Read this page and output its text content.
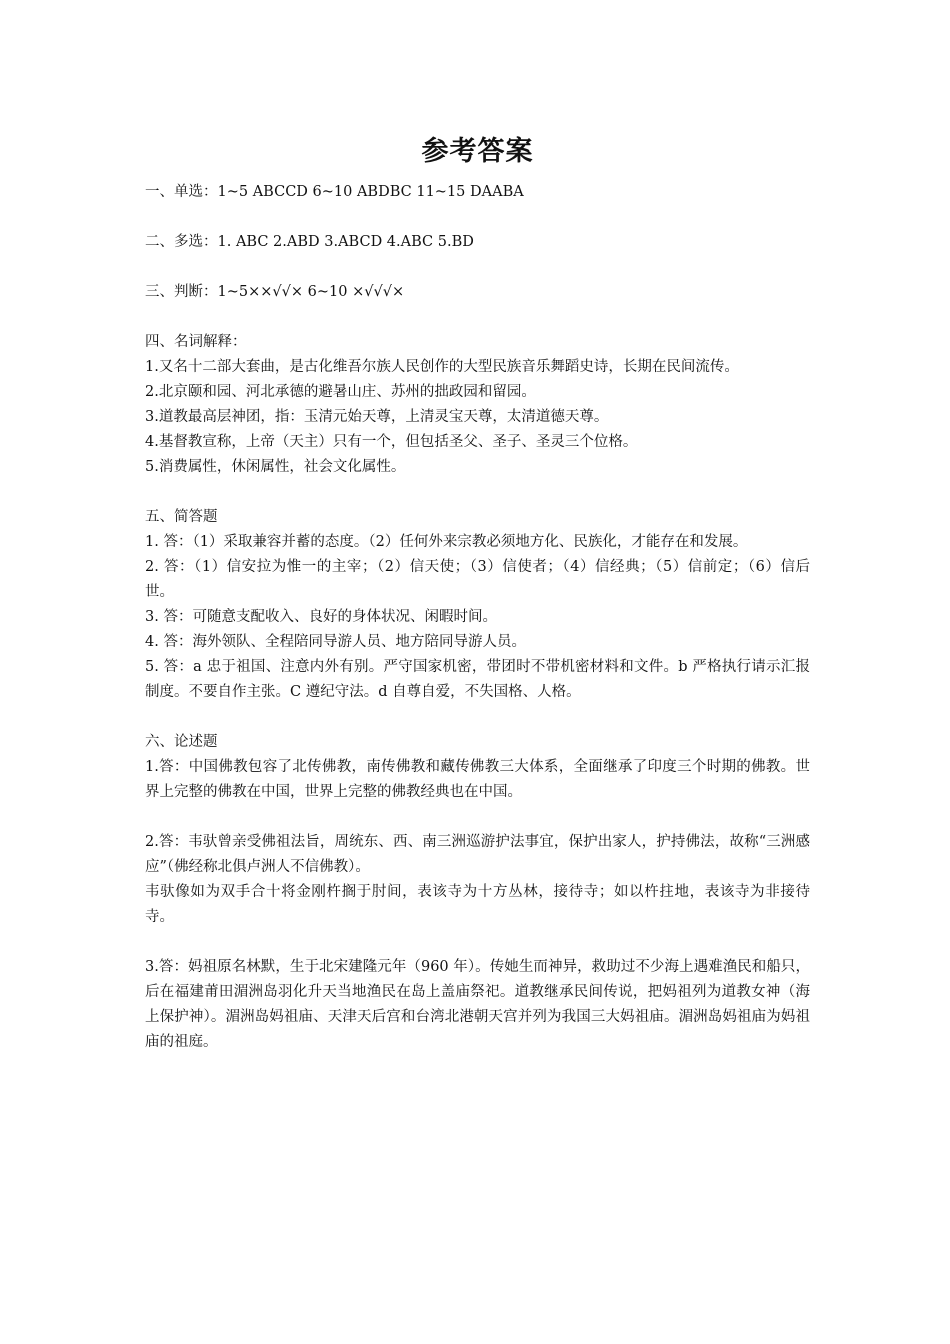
参考答案

一、单选：1~5 ABCCD 6~10 ABDBC 11~15 DAABA

二、多选：1. ABC 2.ABD 3.ABCD 4.ABC 5.BD

三、判断：1~5××√√× 6~10 ×√√√×

四、名词解释：

1.又名十二部大套曲，是古化维吾尔族人民创作的大型民族音乐舞蹈史诗，长期在民间流传。

2.北京颐和园、河北承德的避暑山庄、苏州的拙政园和留园。

3.道教最高层神团，指：玉清元始天尊，上清灵宝天尊，太清道德天尊。

4.基督教宣称，上帝（天主）只有一个，但包括圣父、圣子、圣灵三个位格。

5.消费属性，休闲属性，社会文化属性。

五、简答题

1. 答：（1）采取兼容并蓄的态度。（2）任何外来宗教必须地方化、民族化，才能存在和发展。

2. 答：（1）信安拉为惟一的主宰；（2）信天使；（3）信使者；（4）信经典；（5）信前定；（6）信后世。

3. 答：可随意支配收入、良好的身体状况、闲暇时间。

4. 答：海外领队、全程陪同导游人员、地方陪同导游人员。

5. 答：a 忠于祖国、注意内外有别。严守国家机密，带团时不带机密材料和文件。b 严格执行请示汇报制度。不要自作主张。C 遵纪守法。d 自尊自爱，不失国格、人格。

六、论述题

1.答：中国佛教包容了北传佛教，南传佛教和藏传佛教三大体系，全面继承了印度三个时期的佛教。世界上完整的佛教在中国，世界上完整的佛教经典也在中国。

2.答：韦驮曾亲受佛祖法旨，周统东、西、南三洲巡游护法事宜，保护出家人，护持佛法，故称“三洲感应”（佛经称北俱卢洲人不信佛教）。

韦驮像如为双手合十将金刚杵搁于肘间，表该寺为十方丛林，接待寺；如以杵拄地，表该寺为非接待寺。

3.答：妈祖原名林默，生于北宋建隆元年（960 年）。传她生而神异，救助过不少海上遇难渔民和船只，后在福建莆田湄洲岛羽化升天当地渔民在岛上盖庙祭祀。道教继承民间传说，把妈祖列为道教女神（海上保护神）。湄洲岛妈祖庙、天津天后宫和台湾北港朝天宫并列为我国三大妈祖庙。湄洲岛妈祖庙为妈祖庙的祖庭。
